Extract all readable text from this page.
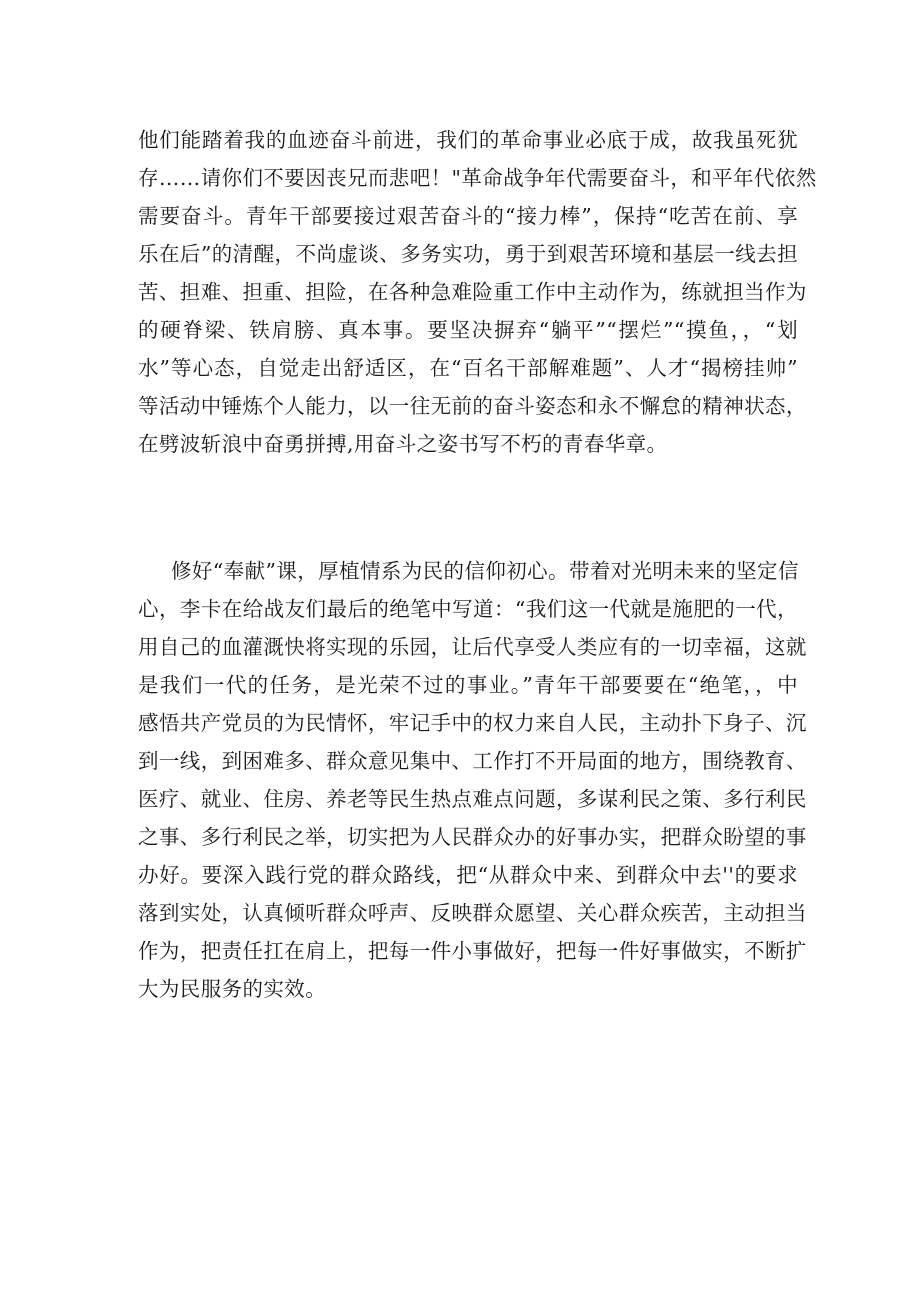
他们能踏着我的血迹奋斗前进，我们的革命事业必底于成，故我虽死犹
存……请你们不要因丧兄而悲吧！"革命战争年代需要奋斗，和平年代依然
需要奋斗。青年干部要接过艰苦奋斗的“接力棒”，保持“吃苦在前、享
乐在后”的清醒，不尚虚谈、多务实功，勇于到艰苦环境和基层一线去担
苦、担难、担重、担险，在各种急难险重工作中主动作为，练就担当作为
的硬脊梁、铁肩膀、真本事。要坚决摒弃“躺平”“摆烂”“摸鱼，，“划
水”等心态，自觉走出舒适区，在“百名干部解难题”、人才“揭榜挂帅”
等活动中锤炼个人能力，以一往无前的奋斗姿态和永不懈怠的精神状态，
在劈波斩浪中奋勇拼搏,用奋斗之姿书写不朽的青春华章。
修好“奉献”课，厚植情系为民的信仰初心。带着对光明未来的坚定信
心，李卡在给战友们最后的绝笔中写道：“我们这一代就是施肥的一代，
用自己的血灌溉快将实现的乐园，让后代享受人类应有的一切幸福，这就
是我们一代的任务，是光荣不过的事业。”青年干部要要在“绝笔，，中
感悟共产党员的为民情怀，牢记手中的权力来自人民，主动扑下身子、沉
到一线，到困难多、群众意见集中、工作打不开局面的地方，围绕教育、
医疗、就业、住房、养老等民生热点难点问题，多谋利民之策、多行利民
之事、多行利民之举，切实把为人民群众办的好事办实，把群众盼望的事
办好。要深入践行党的群众路线，把“从群众中来、到群众中去''的要求
落到实处，认真倾听群众呼声、反映群众愿望、关心群众疾苦，主动担当
作为，把责任扛在肩上，把每一件小事做好，把每一件好事做实，不断扩
大为民服务的实效。
